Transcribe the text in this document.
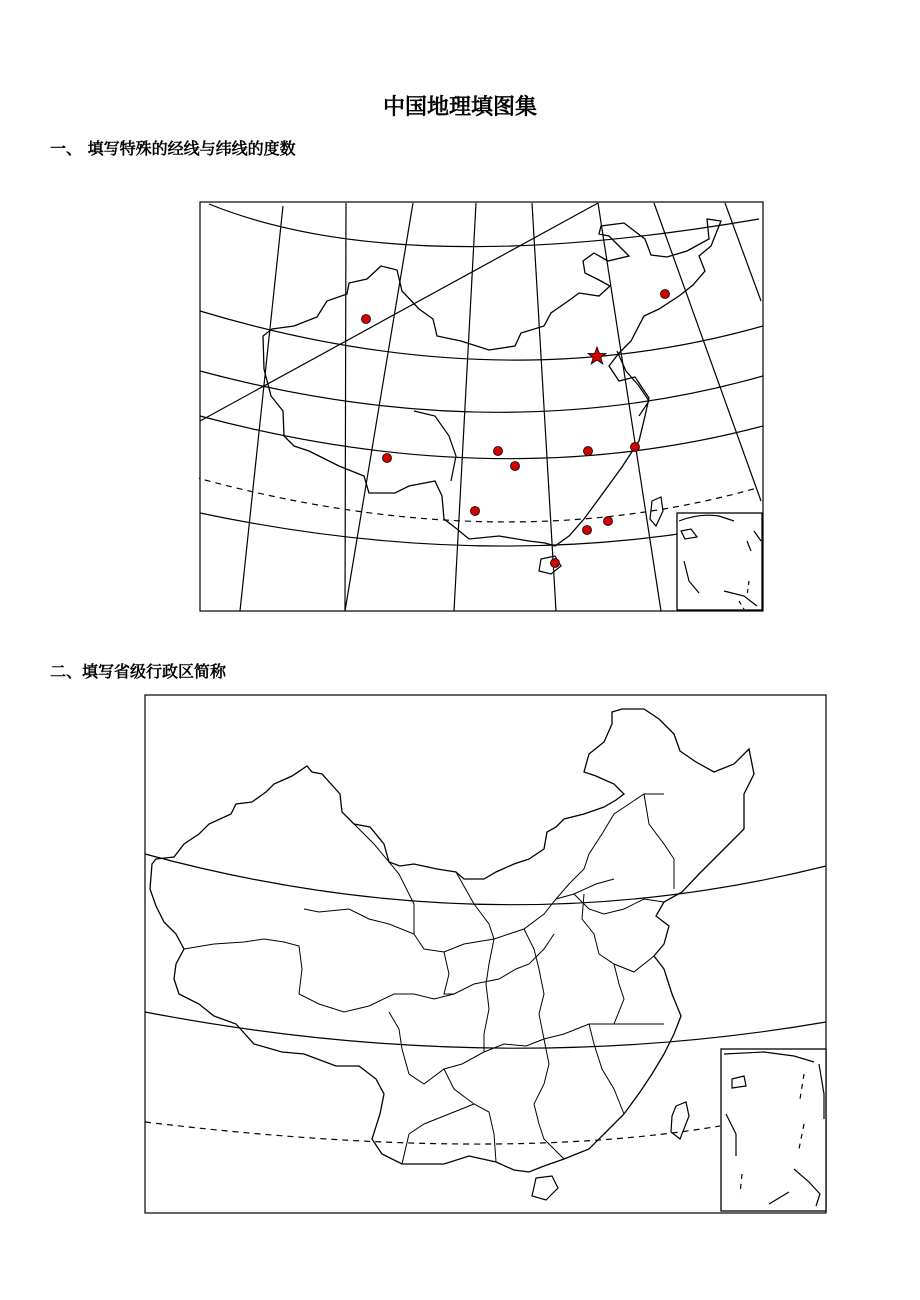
中国地理填图集
一、 填写特殊的经线与纬线的度数
二、填写省级行政区简称
